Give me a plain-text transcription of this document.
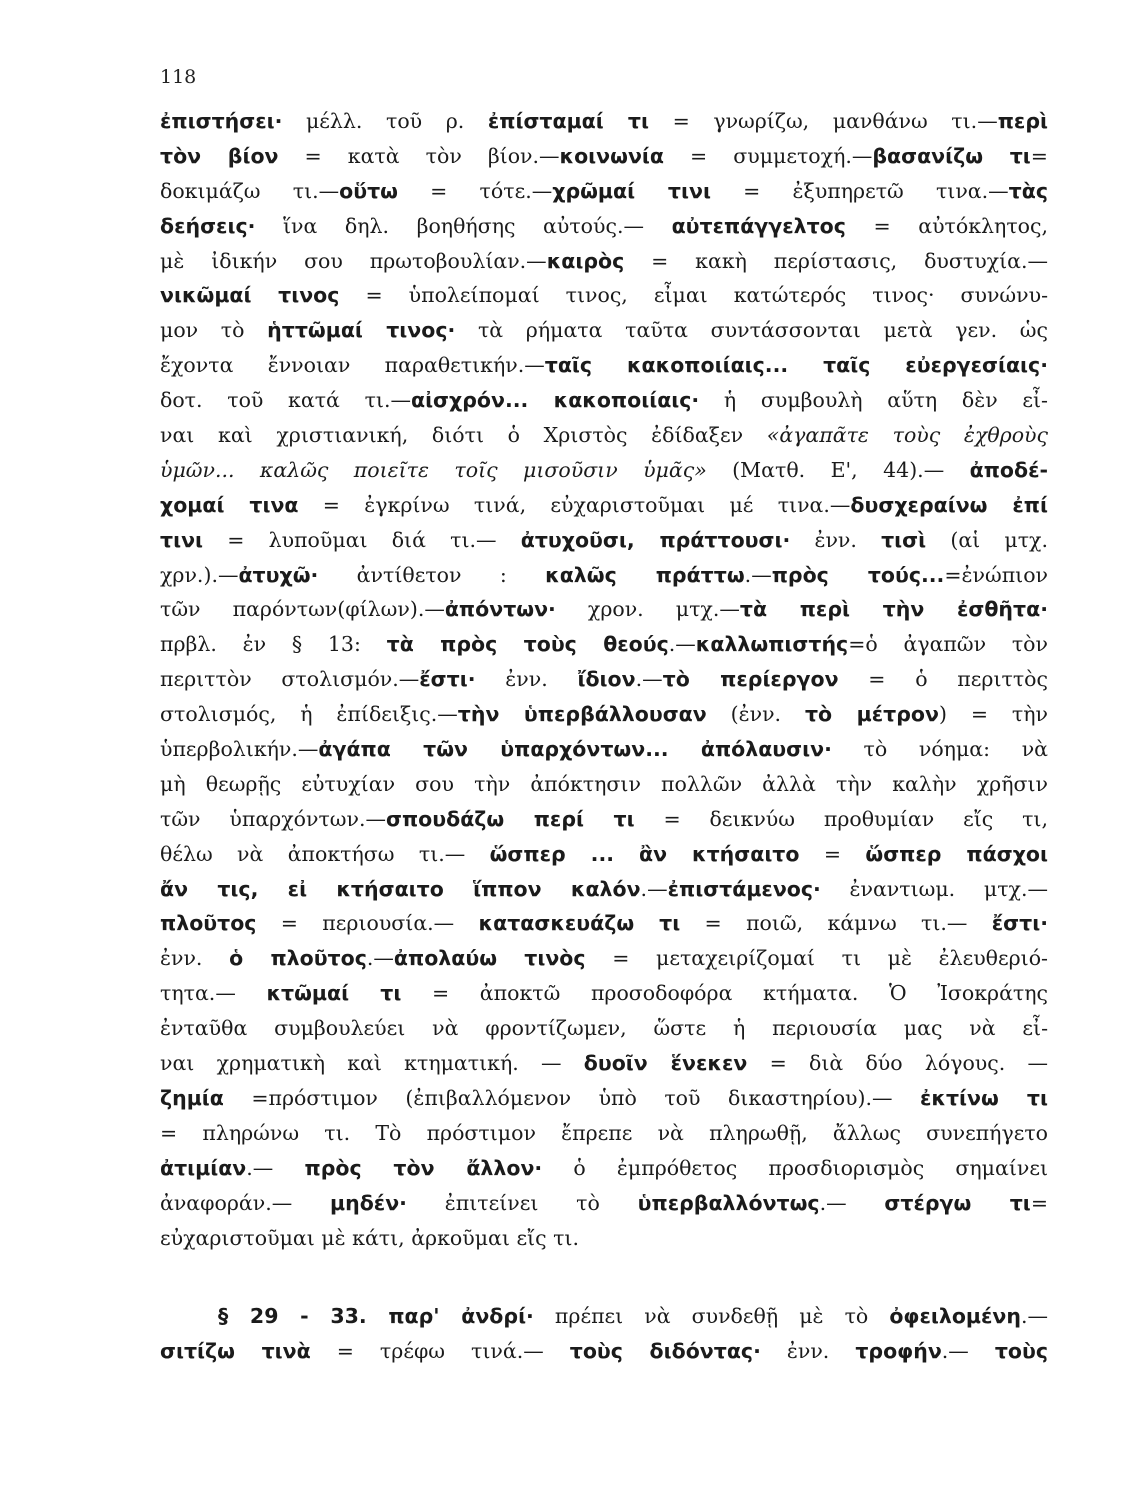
118
ἐπιστήσει· μέλλ. τοῦ ρ. ἐπίσταμαί τι = γνωρίζω, μανθάνω τι.—περὶ
τὸν βίον = κατὰ τὸν βίον.—κοινωνία = συμμετοχή.—βασανίζω τι=
δοκιμάζω τι.—οὕτω = τότε.—χρῶμαί τινι = ἐξυπηρετῶ τινα.—τὰς
δεήσεις· ἵνα δηλ. βοηθήσης αὐτούς.— αὐτεπάγγελτος = αὐτόκλητος,
μὲ ἰδικήν σου πρωτοβουλίαν.—καιρὸς = κακὴ περίστασις, δυστυχία.—
νικῶμαί τινος = ὑπολείπομαί τινος, εἶμαι κατώτερός τινος· συνώνυ-
μον τὸ ἡττῶμαί τινος· τὰ ρήματα ταῦτα συντάσσονται μετὰ γεν. ὡς
ἔχοντα ἔννοιαν παραθετικήν.—ταῖς κακοποιίαις... ταῖς εὐεργεσίαις·
δοτ. τοῦ κατά τι.—αἰσχρόν... κακοποιίαις· ἡ συμβουλὴ αὕτη δὲν εἶ-
ναι καὶ χριστιανική, διότι ὁ Χριστὸς ἐδίδαξεν «ἀγαπᾶτε τοὺς ἐχθροὺς
ὑμῶν... καλῶς ποιεῖτε τοῖς μισοῦσιν ὑμᾶς» (Ματθ. Ε', 44).— ἀποδέ-
χομαί τινα = ἐγκρίνω τινά, εὐχαριστοῦμαι μέ τινα.—δυσχεραίνω ἐπί
τινι = λυποῦμαι διά τι.— ἀτυχοῦσι, πράττουσι· ἐνν. τισὶ (αἱ μτχ.
χρν.).—ἀτυχῶ· ἀντίθετον : καλῶς πράττω.—πρὸς τούς...=ἐνώπιον
τῶν παρόντων(φίλων).—ἀπόντων· χρον. μτχ.—τὰ περὶ τὴν ἐσθῆτα·
πρβλ. ἐν § 13: τὰ πρὸς τοὺς θεούς.—καλλωπιστής=ὁ ἀγαπῶν τὸν
περιττὸν στολισμόν.—ἔστι· ἐνν. ἴδιον.—τὸ περίεργον = ὁ περιττὸς
στολισμός, ἡ ἐπίδειξις.—τὴν ὑπερβάλλουσαν (ἐνν. τὸ μέτρον) = τὴν
ὑπερβολικήν.—ἀγάπα τῶν ὑπαρχόντων... ἀπόλαυσιν· τὸ νόημα: νὰ
μὴ θεωρῇς εὐτυχίαν σου τὴν ἀπόκτησιν πολλῶν ἀλλὰ τὴν καλὴν χρῆσιν
τῶν ὑπαρχόντων.—σπουδάζω περί τι = δεικνύω προθυμίαν εἴς τι,
θέλω νὰ ἀποκτήσω τι.— ὥσπερ ... ἂν κτήσαιτο = ὥσπερ πάσχοι
ἄν τις, εἰ κτήσαιτο ἵππον καλόν.—ἐπιστάμενος· ἐναντιωμ. μτχ.—
πλοῦτος = περιουσία.— κατασκευάζω τι = ποιῶ, κάμνω τι.— ἔστι·
ἐνν. ὁ πλοῦτος.—ἀπολαύω τινὸς = μεταχειρίζομαί τι μὲ ἐλευθεριό-
τητα.— κτῶμαί τι = ἀποκτῶ προσοδοφόρα κτήματα. Ὁ Ἰσοκράτης
ἐνταῦθα συμβουλεύει νὰ φροντίζωμεν, ὥστε ἡ περιουσία μας νὰ εἶ-
ναι χρηματικὴ καὶ κτηματική. — δυοῖν ἕνεκεν = διὰ δύο λόγους. —
ζημία =πρόστιμον (ἐπιβαλλόμενον ὑπὸ τοῦ δικαστηρίου).— ἐκτίνω τι
= πληρώνω τι. Τὸ πρόστιμον ἔπρεπε νὰ πληρωθῇ, ἄλλως συνεπήγετο
ἀτιμίαν.— πρὸς τὸν ἄλλον· ὁ ἐμπρόθετος προσδιορισμὸς σημαίνει
ἀναφοράν.— μηδέν· ἐπιτείνει τὸ ὑπερβαλλόντως.— στέργω τι=
εὐχαριστοῦμαι μὲ κάτι, ἀρκοῦμαι εἴς τι.
§ 29 - 33. παρ' ἀνδρί· πρέπει νὰ συνδεθῇ μὲ τὸ ὀφειλομένη.—
σιτίζω τινὰ = τρέφω τινά.— τοὺς διδόντας· ἐνν. τροφήν.— τοὺς
